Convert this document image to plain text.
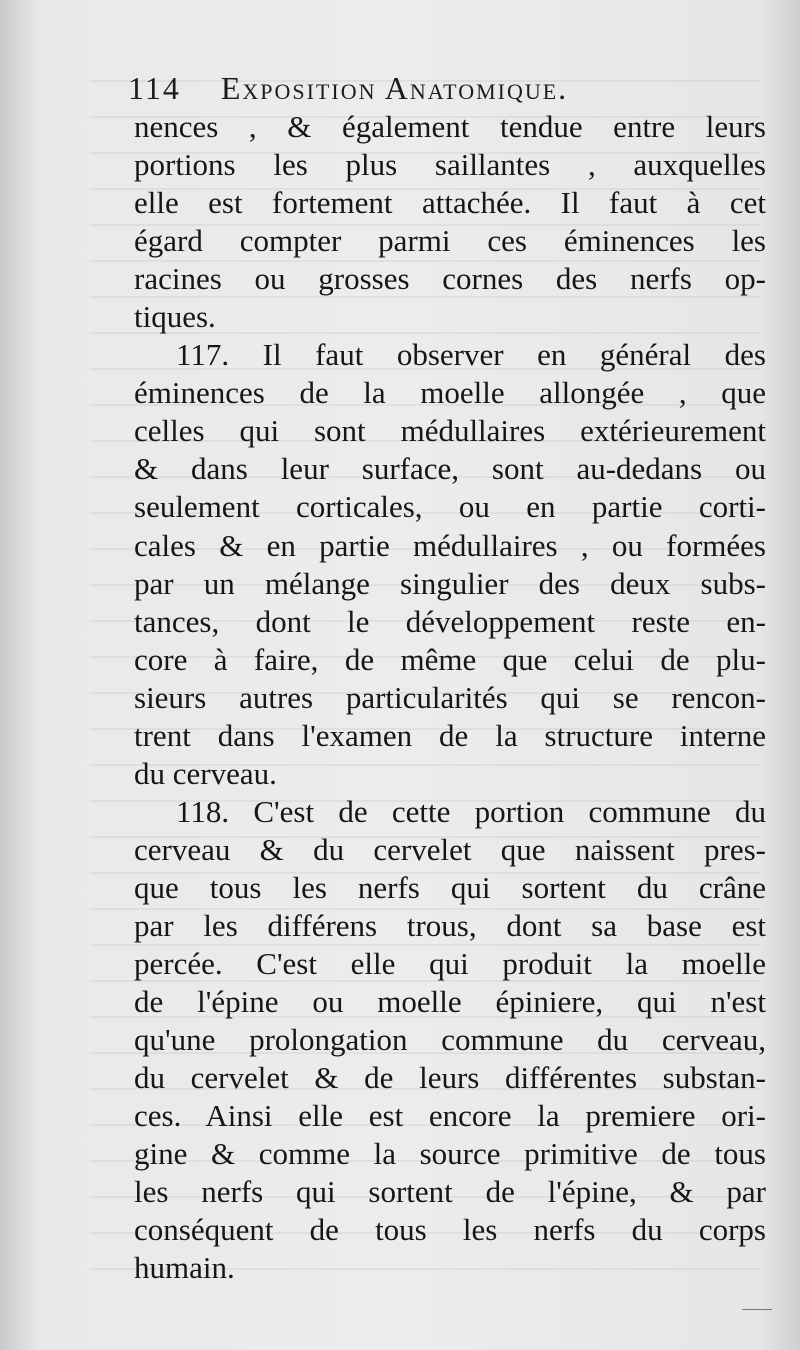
114 Exposition Anatomique.
nences , & également tendue entre leurs
portions les plus saillantes , auxquelles
elle est fortement attachée. Il faut à cet
égard compter parmi ces éminences les
racines ou grosses cornes des nerfs op-
tiques.
117. Il faut observer en général des
éminences de la moelle allongée , que
celles qui sont médullaires extérieurement
& dans leur surface, sont au-dedans ou
seulement corticales, ou en partie corti-
cales & en partie médullaires , ou formées
par un mélange singulier des deux subs-
tances, dont le développement reste en-
core à faire, de même que celui de plu-
sieurs autres particularités qui se rencon-
trent dans l'examen de la structure interne
du cerveau.
118. C'est de cette portion commune du
cerveau & du cervelet que naissent pres-
que tous les nerfs qui sortent du crâne
par les différens trous, dont sa base est
percée. C'est elle qui produit la moelle
de l'épine ou moelle épiniere, qui n'est
qu'une prolongation commune du cerveau,
du cervelet & de leurs différentes substan-
ces. Ainsi elle est encore la premiere ori-
gine & comme la source primitive de tous
les nerfs qui sortent de l'épine, & par
conséquent de tous les nerfs du corps
humain.
